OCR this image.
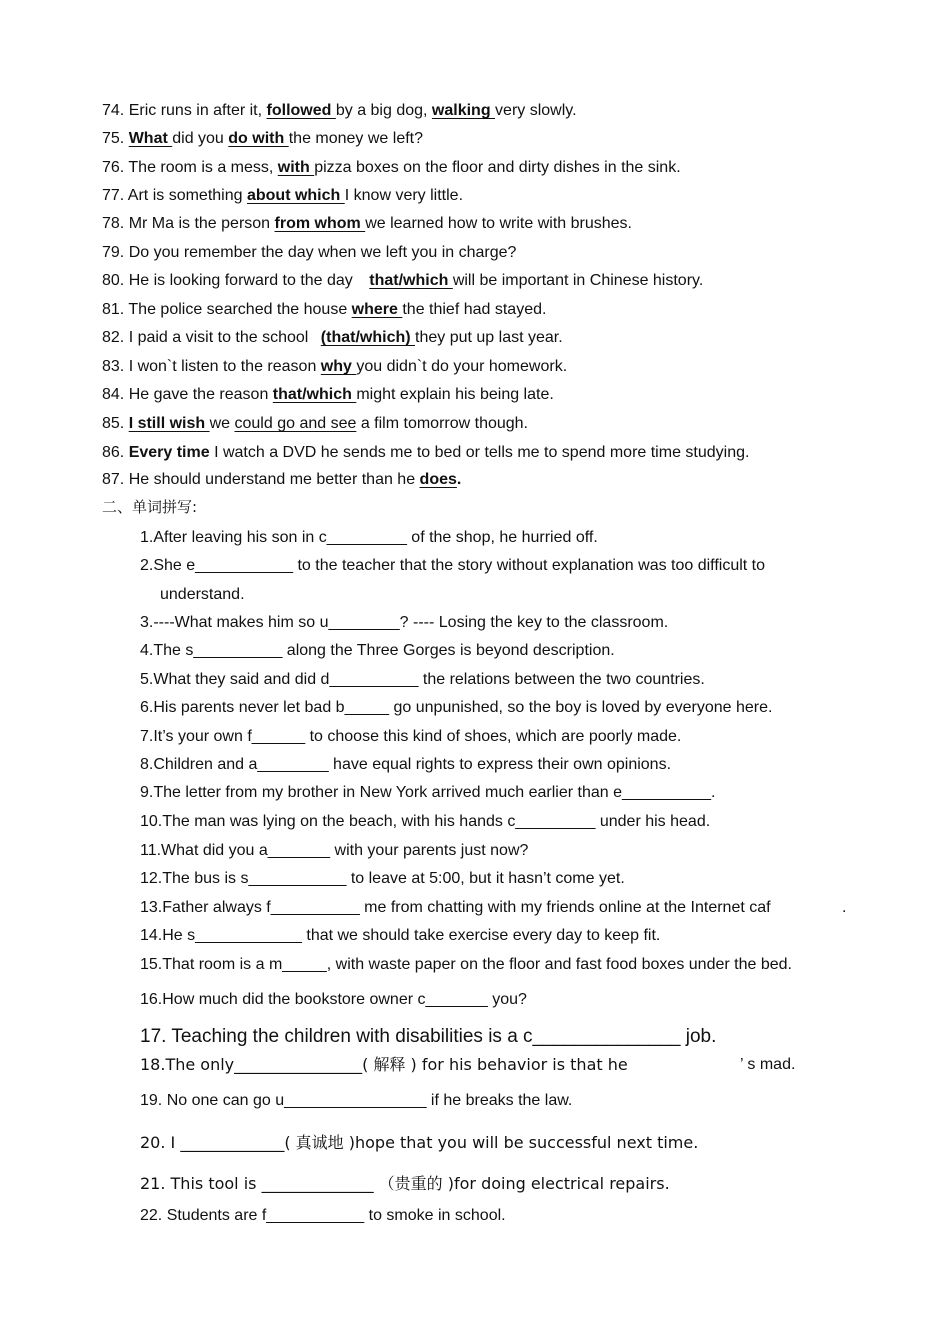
74. Eric runs in after it, followed by a big dog, walking very slowly.
75. What did you do with the money we left?
76. The room is a mess, with pizza boxes on the floor and dirty dishes in the sink.
77. Art is something about which I know very little.
78. Mr Ma is the person from whom we learned how to write with brushes.
79. Do you remember the day when we left you in charge?
80. He is looking forward to the day that/which will be important in Chinese history.
81. The police searched the house where the thief had stayed.
82. I paid a visit to the school (that/which) they put up last year.
83. I won`t listen to the reason why you didn`t do your homework.
84. He gave the reason that/which might explain his being late.
85. I still wish we could go and see a film tomorrow though.
86. Every time I watch a DVD he sends me to bed or tells me to spend more time studying.
87. He should understand me better than he does.
二、单词拼写:
1.After leaving his son in c_________ of the shop, he hurried off.
2.She e___________ to the teacher that the story without explanation was too difficult to
understand.
3.----What makes him so u________? ---- Losing the key to the classroom.
4.The s__________ along the Three Gorges is beyond description.
5.What they said and did d__________ the relations between the two countries.
6.His parents never let bad b_____ go unpunished, so the boy is loved by everyone here.
7.It’s your own f______ to choose this kind of shoes, which are poorly made.
8.Children and a________ have equal rights to express their own opinions.
9.The letter from my brother in New York arrived much earlier than e__________.
10.The man was lying on the beach, with his hands c_________ under his head.
11.What did you a_______ with your parents just now?
12.The bus is s___________ to leave at 5:00, but it hasn’t come yet.
13.Father always f__________ me from chatting with my friends online at the Internet caf	.
14.He s____________ that we should take exercise every day to keep fit.
15.That room is a m_____, with waste paper on the floor and fast food boxes under the bed.
16.How much did the bookstore owner c_______ you?
17. Teaching the children with disabilities is a c______________ job.
18.The only________________( 解释 ) for his behavior is that he	’ s mad.
19. No one can go u________________ if he breaks the law.
20. I _____________( 真诚地 )hope that you will be successful next time.
21. This tool is ______________ （贵重的 )for doing electrical repairs.
22. Students are f___________ to smoke in school.
